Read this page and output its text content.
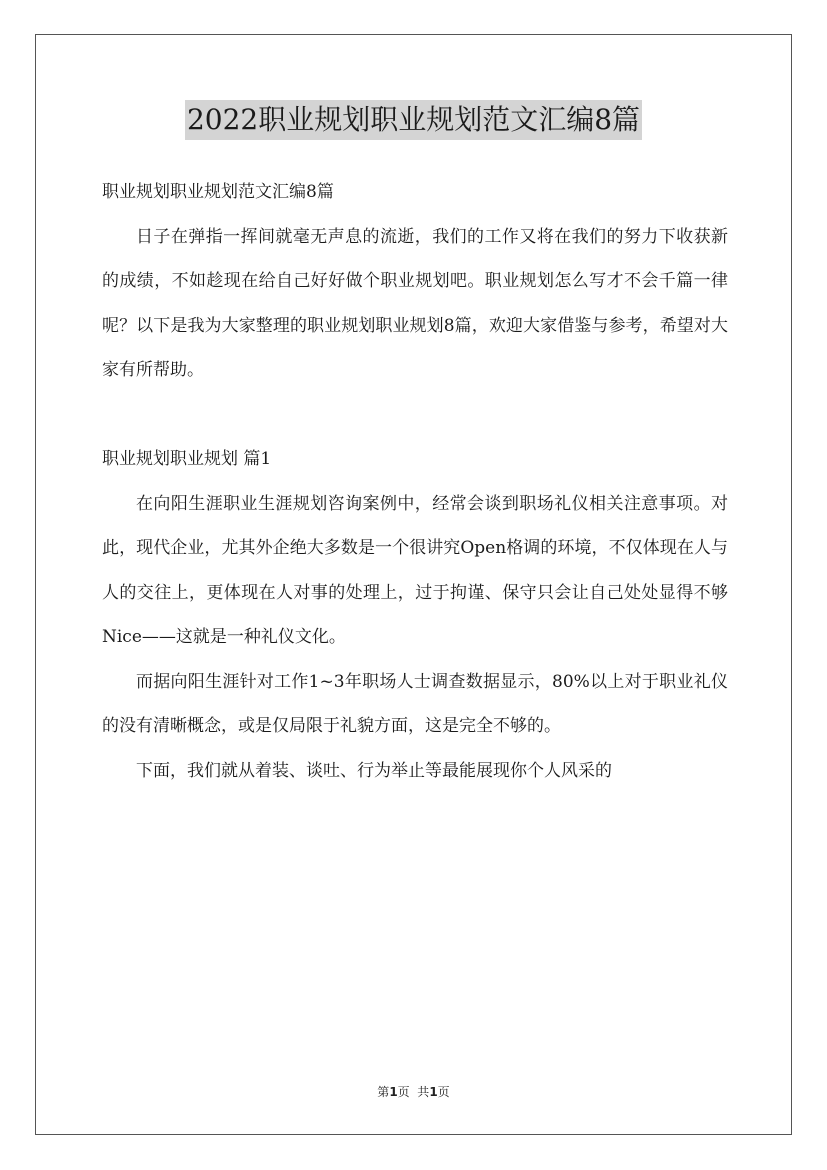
2022职业规划职业规划范文汇编8篇

职业规划职业规划范文汇编8篇

日子在弹指一挥间就毫无声息的流逝，我们的工作又将在我们的努力下收获新的成绩，不如趁现在给自己好好做个职业规划吧。职业规划怎么写才不会千篇一律呢？以下是我为大家整理的职业规划职业规划8篇，欢迎大家借鉴与参考，希望对大家有所帮助。

职业规划职业规划 篇1

在向阳生涯职业生涯规划咨询案例中，经常会谈到职场礼仪相关注意事项。对此，现代企业，尤其外企绝大多数是一个很讲究Open格调的环境，不仅体现在人与人的交往上，更体现在人对事的处理上，过于拘谨、保守只会让自己处处显得不够Nice——这就是一种礼仪文化。

而据向阳生涯针对工作1~3年职场人士调查数据显示，80%以上对于职业礼仪的没有清晰概念，或是仅局限于礼貌方面，这是完全不够的。

下面，我们就从着装、谈吐、行为举止等最能展现你个人风采的

第1页  共1页
